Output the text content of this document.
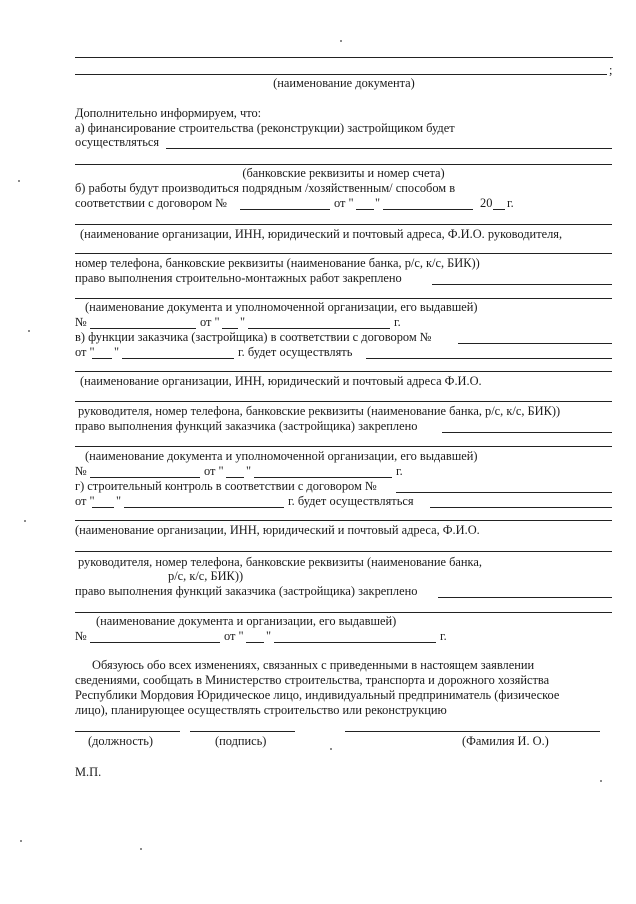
;
(наименование документа)
Дополнительно информируем, что:
а) финансирование строительства (реконструкции) застройщиком будет
осуществляться
(банковские реквизиты и номер счета)
б) работы будут производиться подрядным /хозяйственным/ способом в
соответствии с договором №	от " "	20 г.
(наименование организации, ИНН, юридический и почтовый адреса, Ф.И.О. руководителя,
номер телефона, банковские реквизиты (наименование банка, р/с, к/с, БИК))
право выполнения строительно-монтажных работ закреплено
(наименование документа и уполномоченной организации, его выдавшей)
№	от " "	г.
в) функции заказчика (застройщика) в соответствии с договором №
от " "	г. будет осуществлять
(наименование организации, ИНН, юридический и почтовый адреса Ф.И.О.
руководителя, номер телефона, банковские реквизиты (наименование банка, р/с, к/с, БИК))
право выполнения функций заказчика (застройщика) закреплено
(наименование документа и уполномоченной организации, его выдавшей)
№	от " "	г.
г) строительный контроль в соответствии с договором №
от " "	г. будет осуществляться
(наименование организации, ИНН, юридический и почтовый адреса, Ф.И.О.
руководителя, номер телефона, банковские реквизиты (наименование банка,
р/с, к/с, БИК))
право выполнения функций заказчика (застройщика) закреплено
(наименование документа и организации, его выдавшей)
№	от " "	г.
Обязуюсь обо всех изменениях, связанных с приведенными в настоящем заявлении
сведениями, сообщать в Министерство строительства, транспорта и дорожного хозяйства
Республики Мордовия Юридическое лицо, индивидуальный предприниматель (физическое
лицо), планирующее осуществлять строительство или реконструкцию
(должность)	(подпись)	(Фамилия И. О.)
М.П.
